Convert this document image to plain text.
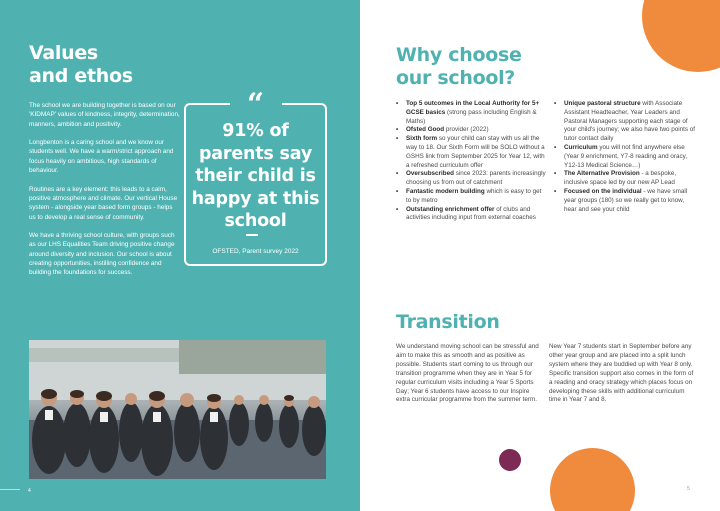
Values
and ethos

The school we are building together is based on our 'KIDMAP' values of kindness, integrity, determination, manners, ambition and positivity.

Longbenton is a caring school and we know our students well. We have a warm/strict approach and focus heavily on ambitious, high standards of behaviour.

Routines are a key element: this leads to a calm, positive atmosphere and climate. Our vertical House system - alongside year based form groups - helps us to develop a real sense of community.

We have a thriving school culture, with groups such as our LHS Equalities Team driving positive change around diversity and inclusion. Our school is about creating opportunities, instilling confidence and building the foundations for success.

“
91% of parents say their child is happy at this school
OFSTED, Parent survey 2022
4
Why choose
our school?
• Top 5 outcomes in the Local Authority for 5+ GCSE basics (strong pass including English & Maths)
• Ofsted Good provider (2022)
• Sixth form so your child can stay with us all the way to 18. Our Sixth Form will be SOLO without a GSHS link from September 2025 for Year 12, with a refreshed curriculum offer
• Oversubscribed since 2023: parents increasingly choosing us from out of catchment
• Fantastic modern building which is easy to get to by metro
• Outstanding enrichment offer of clubs and activities including input from external coaches
• Unique pastoral structure with Associate Assistant Headteacher, Year Leaders and Pastoral Managers supporting each stage of your child's journey; we also have two points of tutor contact daily
• Curriculum you will not find anywhere else (Year 9 enrichment, Y7-8 reading and oracy, Y12-13 Medical Science…)
• The Alternative Provision - a bespoke, inclusive space led by our new AP Lead
• Focused on the individual - we have small year groups (180) so we really get to know, hear and see your child
Transition
We understand moving school can be stressful and aim to make this as smooth and as positive as possible. Students start coming to us through our transition programme when they are in Year 5 for regular curriculum visits including a Year 5 Sports Day; Year 6 students have access to our Inspire extra curricular programme from the summer term.
New Year 7 students start in September before any other year group and are placed into a split lunch system where they are buddied up with Year 8 only. Specific transition support also comes in the form of a reading and oracy strategy which places focus on developing these skills with additional curriculum time in Year 7 and 8.
5
